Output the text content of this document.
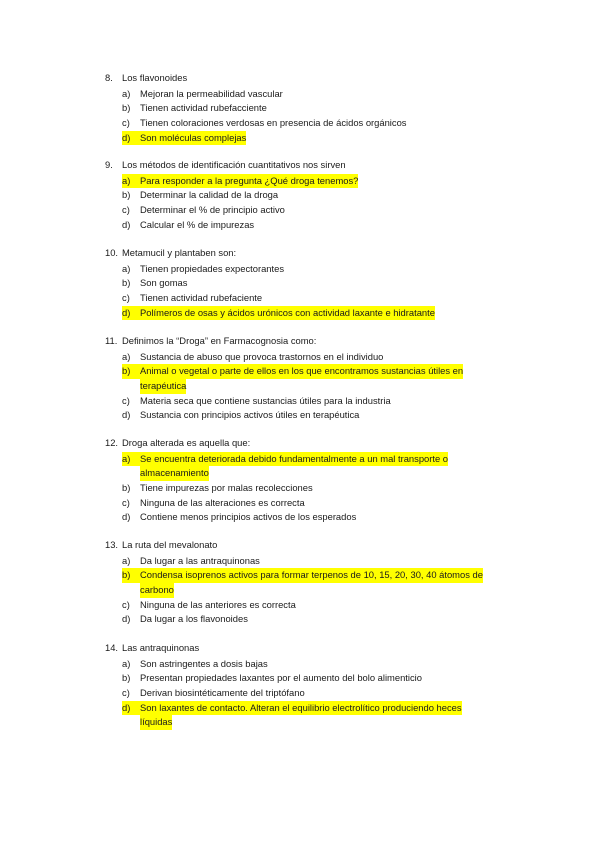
8. Los flavonoides
a)	Mejoran la permeabilidad vascular
b)	Tienen actividad rubefacciente
c)	Tienen coloraciones verdosas en presencia de ácidos orgánicos
d)	Son moléculas complejas
9. Los métodos de identificación cuantitativos nos sirven
a)	Para responder a la pregunta ¿Qué droga tenemos?
b)	Determinar la calidad de la droga
c)	Determinar el % de principio activo
d)	Calcular el % de impurezas
10. Metamucil y plantaben son:
a)	Tienen propiedades expectorantes
b)	Son gomas
c)	Tienen actividad rubefaciente
d)	Polímeros de osas y ácidos urónicos con actividad laxante e hidratante
11. Definimos la “Droga” en Farmacognosia como:
a)	Sustancia de abuso que provoca trastornos en el individuo
b)	Animal o vegetal o parte de ellos en los que encontramos sustancias útiles en
terapéutica
c)	Materia seca que contiene sustancias útiles para la industria
d)	Sustancia con principios activos útiles en terapéutica
12. Droga alterada es aquella que:
a)	Se encuentra deteriorada debido fundamentalmente a un mal transporte o
almacenamiento
b)	Tiene impurezas por malas recolecciones
c)	Ninguna de las alteraciones es correcta
d)	Contiene menos principios activos de los esperados
13. La ruta del mevalonato
a)	Da lugar a las antraquinonas
b)	Condensa isoprenos activos para formar terpenos de 10, 15, 20, 30, 40 átomos de
carbono
c)	Ninguna de las anteriores es correcta
d)	Da lugar a los flavonoides
14. Las antraquinonas
a)	Son astringentes a dosis bajas
b)	Presentan propiedades laxantes por el aumento del bolo alimenticio
c)	Derivan biosintéticamente del triptófano
d)	Son laxantes de contacto. Alteran el equilibrio electrolítico produciendo heces
líquidas
